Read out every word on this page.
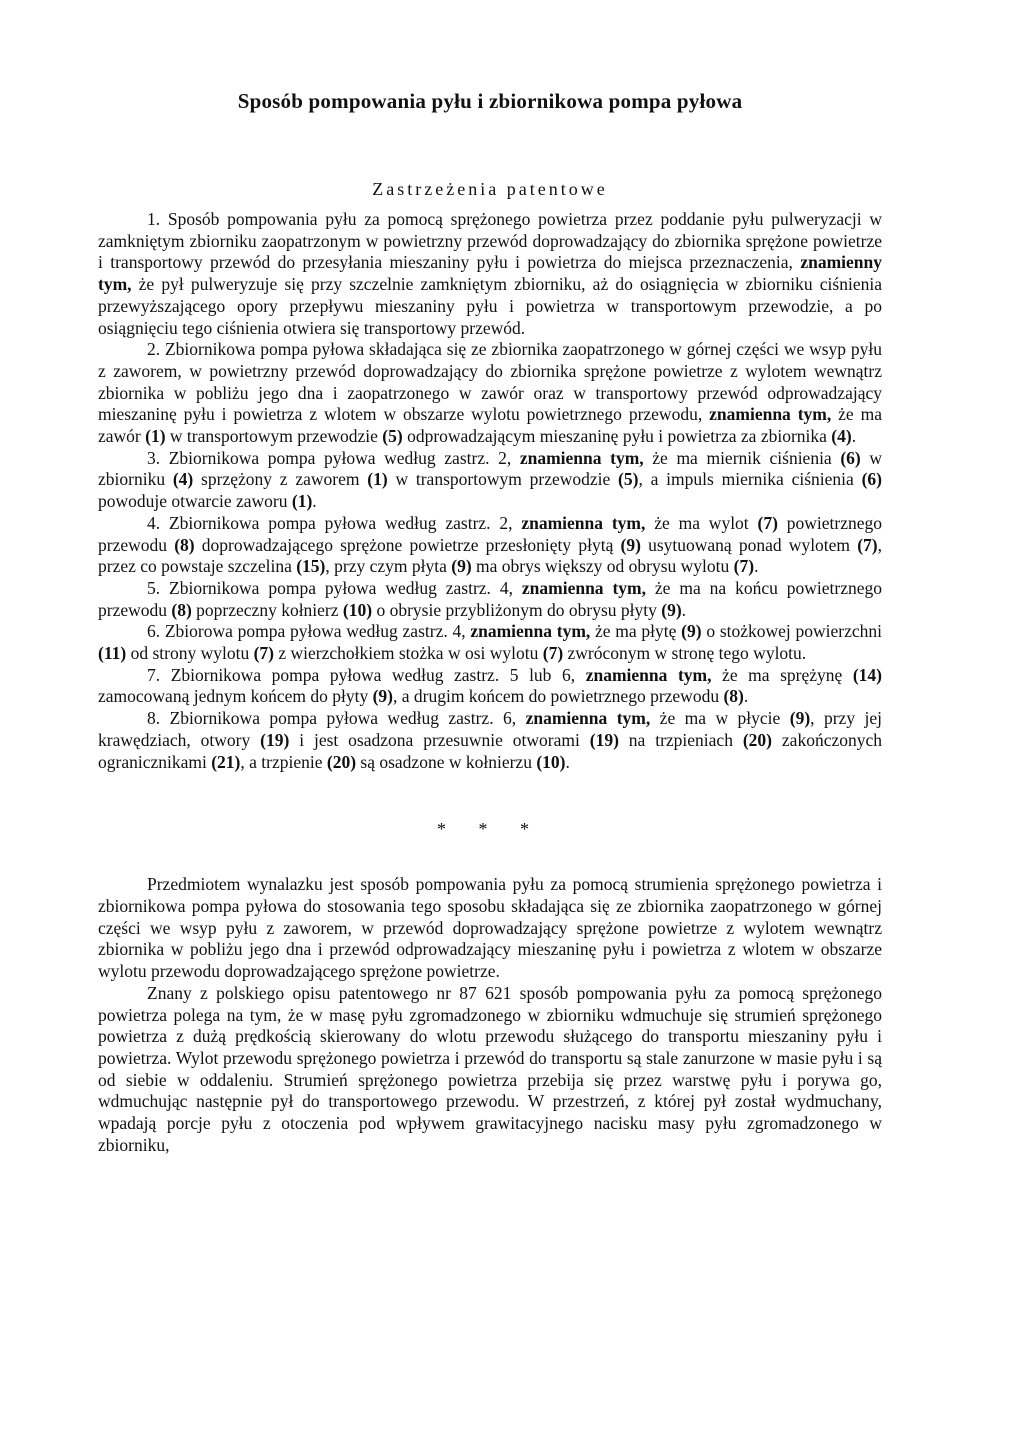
Sposób pompowania pyłu i zbiornikowa pompa pyłowa
Zastrzeżenia patentowe

1. Sposób pompowania pyłu za pomocą sprężonego powietrza przez poddanie pyłu pulweryzacji w zamkniętym zbiorniku zaopatrzonym w powietrzny przewód doprowadzający do zbiornika sprężone powietrze i transportowy przewód do przesyłania mieszaniny pyłu i powietrza do miejsca przeznaczenia, znamienny tym, że pył pulweryzuje się przy szczelnie zamkniętym zbiorniku, aż do osiągnięcia w zbiorniku ciśnienia przewyższającego opory przepływu mieszaniny pyłu i powietrza w transportowym przewodzie, a po osiągnięciu tego ciśnienia otwiera się transportowy przewód.

2. Zbiornikowa pompa pyłowa składająca się ze zbiornika zaopatrzonego w górnej części we wsyp pyłu z zaworem, w powietrzny przewód doprowadzający do zbiornika sprężone powietrze z wylotem wewnątrz zbiornika w pobliżu jego dna i zaopatrzonego w zawór oraz w transportowy przewód odprowadzający mieszaninę pyłu i powietrza z wlotem w obszarze wylotu powietrznego przewodu, znamienna tym, że ma zawór (1) w transportowym przewodzie (5) odprowadzającym mieszaninę pyłu i powietrza za zbiornika (4).

3. Zbiornikowa pompa pyłowa według zastrz. 2, znamienna tym, że ma miernik ciśnienia (6) w zbiorniku (4) sprzężony z zaworem (1) w transportowym przewodzie (5), a impuls miernika ciśnienia (6) powoduje otwarcie zaworu (1).

4. Zbiornikowa pompa pyłowa według zastrz. 2, znamienna tym, że ma wylot (7) powietrznego przewodu (8) doprowadzającego sprężone powietrze przesłonięty płytą (9) usytuowaną ponad wylotem (7), przez co powstaje szczelina (15), przy czym płyta (9) ma obrys większy od obrysu wylotu (7).

5. Zbiornikowa pompa pyłowa według zastrz. 4, znamienna tym, że ma na końcu powietrznego przewodu (8) poprzeczny kołnierz (10) o obrysie przybliżonym do obrysu płyty (9).

6. Zbiorowa pompa pyłowa według zastrz. 4, znamienna tym, że ma płytę (9) o stożkowej powierzchni (11) od strony wylotu (7) z wierzchołkiem stożka w osi wylotu (7) zwróconym w stronę tego wylotu.

7. Zbiornikowa pompa pyłowa według zastrz. 5 lub 6, znamienna tym, że ma sprężynę (14) zamocowaną jednym końcem do płyty (9), a drugim końcem do powietrznego przewodu (8).

8. Zbiornikowa pompa pyłowa według zastrz. 6, znamienna tym, że ma w płycie (9), przy jej krawędziach, otwory (19) i jest osadzona przesuwnie otworami (19) na trzpieniach (20) zakończonych ogranicznikami (21), a trzpienie (20) są osadzone w kołnierzu (10).

* * *

Przedmiotem wynalazku jest sposób pompowania pyłu za pomocą strumienia sprężonego powietrza i zbiornikowa pompa pyłowa do stosowania tego sposobu składająca się ze zbiornika zaopatrzonego w górnej części we wsyp pyłu z zaworem, w przewód doprowadzający sprężone powietrze z wylotem wewnątrz zbiornika w pobliżu jego dna i przewód odprowadzający mieszaninę pyłu i powietrza z wlotem w obszarze wylotu przewodu doprowadzającego sprężone powietrze.

Znany z polskiego opisu patentowego nr 87 621 sposób pompowania pyłu za pomocą sprężonego powietrza polega na tym, że w masę pyłu zgromadzonego w zbiorniku wdmuchuje się strumień sprężonego powietrza z dużą prędkością skierowany do wlotu przewodu służącego do transportu mieszaniny pyłu i powietrza. Wylot przewodu sprężonego powietrza i przewód do transportu są stale zanurzone w masie pyłu i są od siebie w oddaleniu. Strumień sprężonego powietrza przebija się przez warstwę pyłu i porywa go, wdmuchując następnie pył do transportowego przewodu. W przestrzeń, z której pył został wydmuchany, wpadają porcje pyłu z otoczenia pod wpływem grawitacyjnego nacisku masy pyłu zgromadzonego w zbiorniku,
